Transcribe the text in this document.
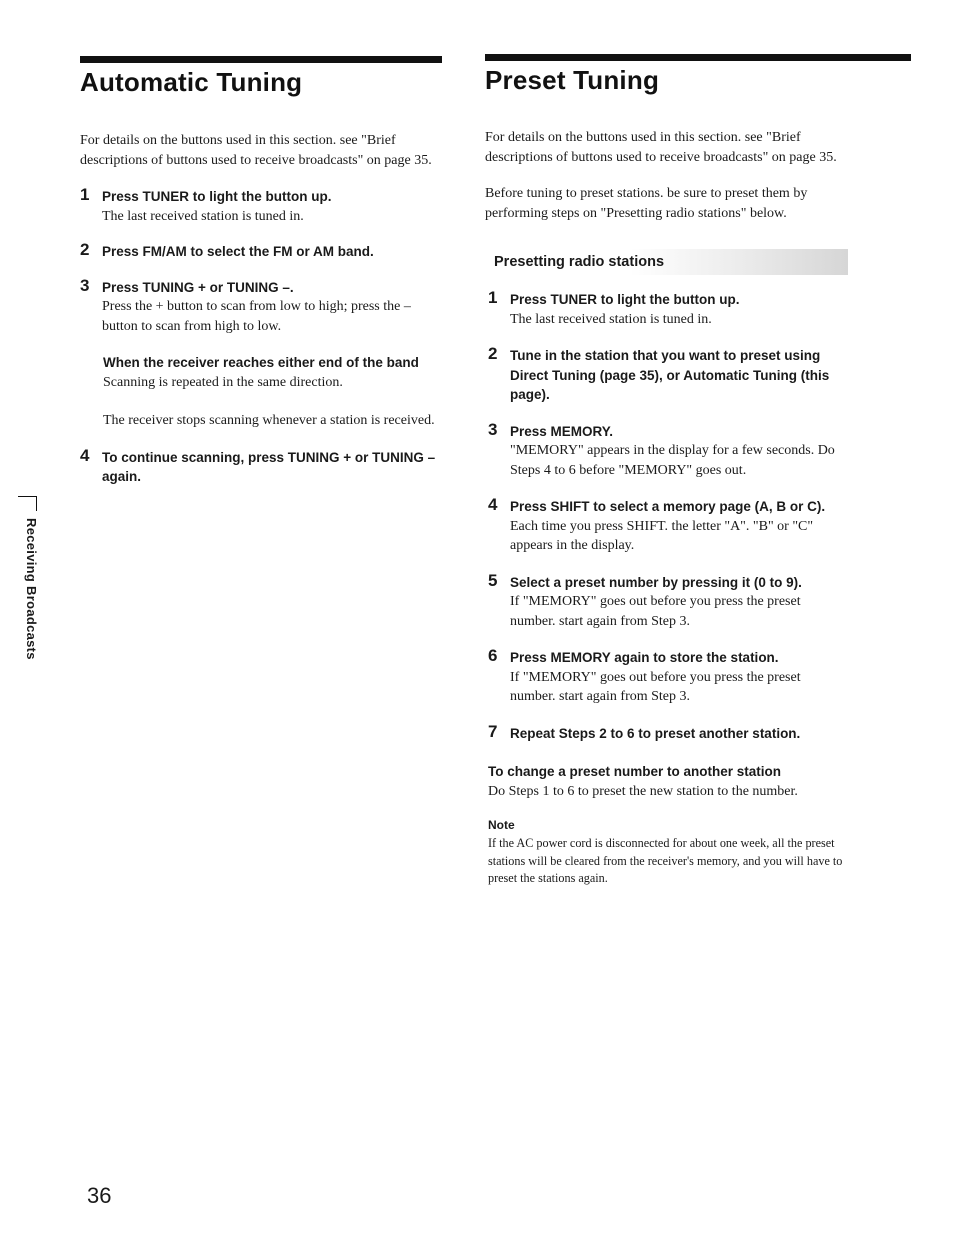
Automatic Tuning

For details on the buttons used in this section. see "Brief descriptions of buttons used to receive broadcasts" on page 35.

1 Press TUNER to light the button up.

The last received station is tuned in.

2 Press FM/AM to select the FM or AM band.

3 Press TUNING + or TUNING –.

Press the + button to scan from low to high; press the – button to scan from high to low.

When the receiver reaches either end of the band

Scanning is repeated in the same direction.

The receiver stops scanning whenever a station is received.

4 To continue scanning, press TUNING + or TUNING – again.

Preset Tuning

For details on the buttons used in this section. see "Brief descriptions of buttons used to receive broadcasts" on page 35.

Before tuning to preset stations. be sure to preset them by performing steps on "Presetting radio stations" below.

Presetting radio stations
1 Press TUNER to light the button up.

The last received station is tuned in.

2 Tune in the station that you want to preset using Direct Tuning (page 35), or Automatic Tuning (this page).

3 Press MEMORY.

"MEMORY" appears in the display for a few seconds. Do Steps 4 to 6 before "MEMORY" goes out.

4 Press SHIFT to select a memory page (A, B or C).

Each time you press SHIFT. the letter "A". "B" or "C" appears in the display.

5 Select a preset number by pressing it (0 to 9).

If "MEMORY" goes out before you press the preset number. start again from Step 3.

6 Press MEMORY again to store the station.

If "MEMORY" goes out before you press the preset number. start again from Step 3.

7 Repeat Steps 2 to 6 to preset another station.

To change a preset number to another station

Do Steps 1 to 6 to preset the new station to the number.

Note

If the AC power cord is disconnected for about one week, all the preset stations will be cleared from the receiver's memory, and you will have to preset the stations again.

Receiving Broadcasts
36
